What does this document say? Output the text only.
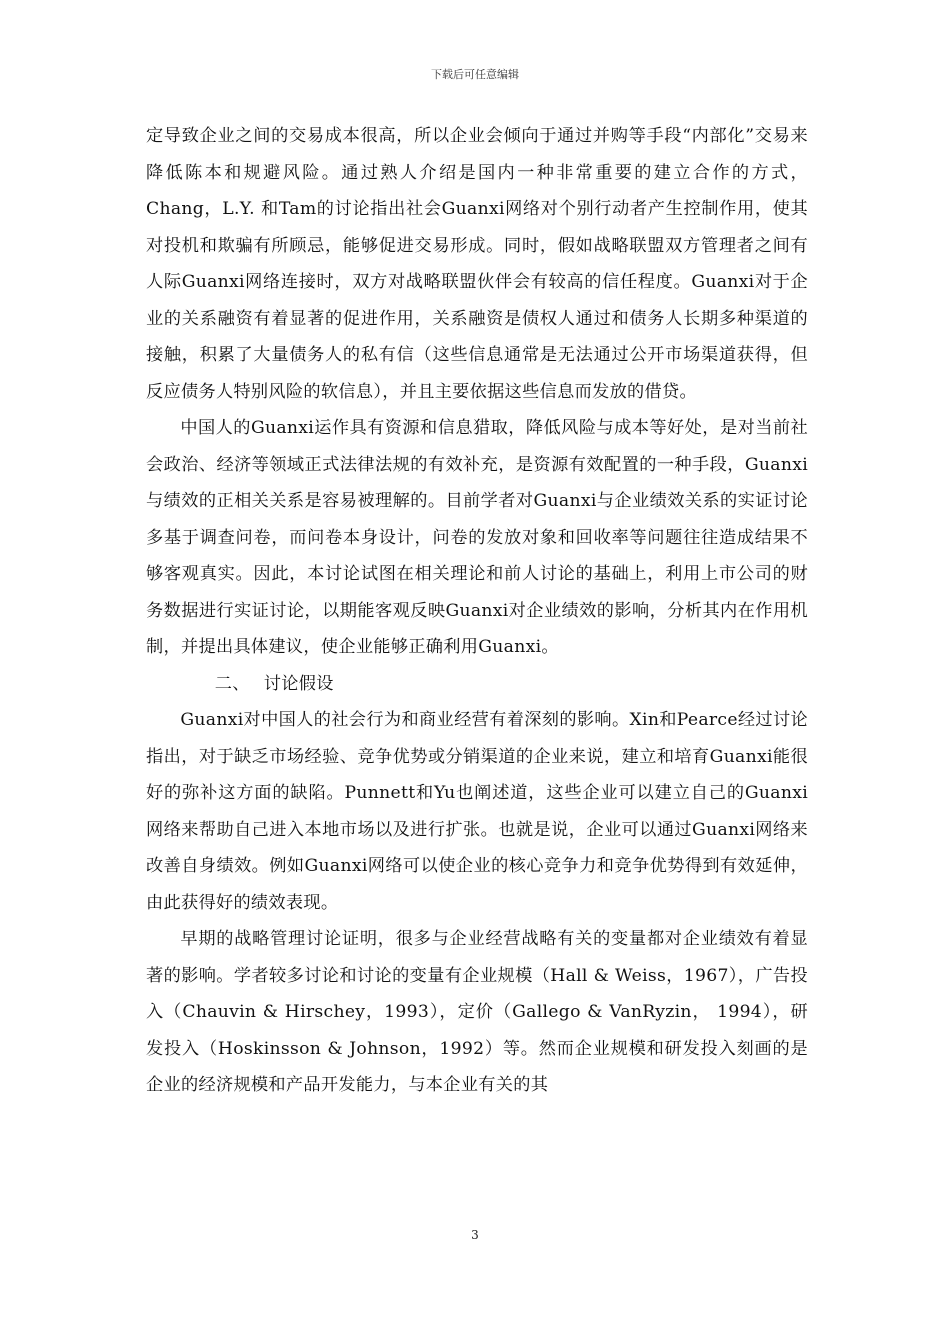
下载后可任意编辑

定导致企业之间的交易成本很高，所以企业会倾向于通过并购等手段“内部化”交易来降低陈本和规避风险。通过熟人介绍是国内一种非常重要的建立合作的方式，Chang，L.Y. 和Tam的讨论指出社会Guanxi网络对个别行动者产生控制作用，使其对投机和欺骗有所顾忌，能够促进交易形成。同时，假如战略联盟双方管理者之间有人际Guanxi网络连接时，双方对战略联盟伙伴会有较高的信任程度。Guanxi对于企业的关系融资有着显著的促进作用，关系融资是债权人通过和债务人长期多种渠道的接触，积累了大量债务人的私有信（这些信息通常是无法通过公开市场渠道获得，但反应债务人特别风险的软信息），并且主要依据这些信息而发放的借贷。

中国人的Guanxi运作具有资源和信息猎取，降低风险与成本等好处，是对当前社会政治、经济等领域正式法律法规的有效补充，是资源有效配置的一种手段，Guanxi与绩效的正相关关系是容易被理解的。目前学者对Guanxi与企业绩效关系的实证讨论多基于调查问卷，而问卷本身设计，问卷的发放对象和回收率等问题往往造成结果不够客观真实。因此，本讨论试图在相关理论和前人讨论的基础上，利用上市公司的财务数据进行实证讨论，以期能客观反映Guanxi对企业绩效的影响，分析其内在作用机制，并提出具体建议，使企业能够正确利用Guanxi。

二、 讨论假设

Guanxi对中国人的社会行为和商业经营有着深刻的影响。Xin和Pearce经过讨论指出，对于缺乏市场经验、竞争优势或分销渠道的企业来说，建立和培育Guanxi能很好的弥补这方面的缺陷。Punnett和Yu也阐述道，这些企业可以建立自己的Guanxi网络来帮助自己进入本地市场以及进行扩张。也就是说，企业可以通过Guanxi网络来改善自身绩效。例如Guanxi网络可以使企业的核心竞争力和竞争优势得到有效延伸，由此获得好的绩效表现。

早期的战略管理讨论证明，很多与企业经营战略有关的变量都对企业绩效有着显著的影响。学者较多讨论和讨论的变量有企业规模（Hall & Weiss，1967），广告投入（Chauvin & Hirschey，1993），定价（Gallego & VanRyzin， 1994），研发投入（Hoskinsson & Johnson，1992）等。然而企业规模和研发投入刻画的是企业的经济规模和产品开发能力，与本企业有关的其

3
